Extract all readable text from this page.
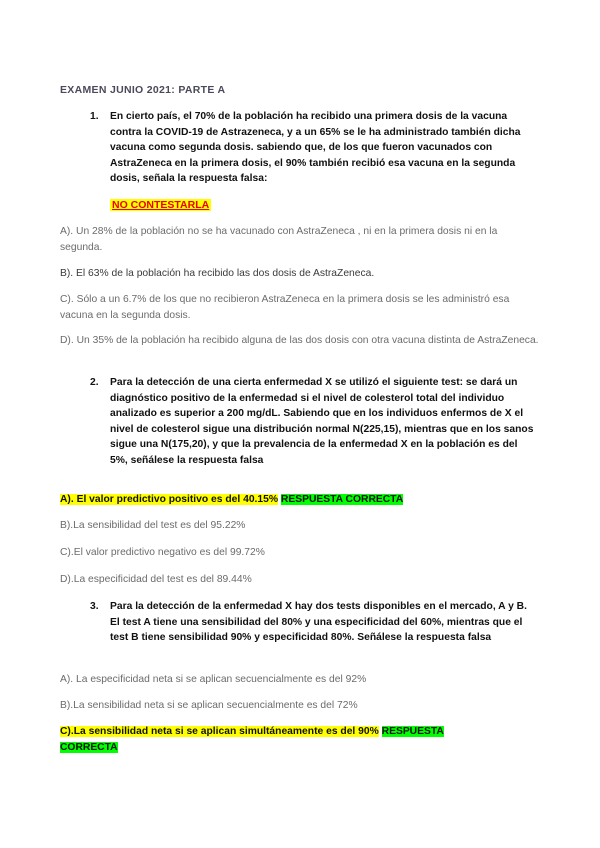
EXAMEN JUNIO 2021: PARTE A
1. En cierto país, el 70% de la población ha recibido una primera dosis de la vacuna contra la COVID-19 de Astrazeneca, y a un 65% se le ha administrado también dicha vacuna como segunda dosis. sabiendo que, de los que fueron vacunados con AstraZeneca en la primera dosis, el 90% también recibió esa vacuna en la segunda dosis, señala la respuesta falsa:
NO CONTESTARLA
A). Un 28% de la población no se ha vacunado con AstraZeneca , ni en la primera dosis ni en la segunda.
B). El 63% de la población ha recibido las dos dosis de AstraZeneca.
C). Sólo a un 6.7% de los que no recibieron AstraZeneca en la primera dosis se les administró esa vacuna en la segunda dosis.
D). Un 35% de la población ha recibido alguna de las dos dosis con otra vacuna distinta de AstraZeneca.
2. Para la detección de una cierta enfermedad X se utilizó el siguiente test: se dará un diagnóstico positivo de la enfermedad si el nivel de colesterol total del individuo analizado es superior a 200 mg/dL. Sabiendo que en los individuos enfermos de X el nivel de colesterol sigue una distribución normal N(225,15), mientras que en los sanos sigue una N(175,20), y que la prevalencia de la enfermedad X en la población es del 5%, señálese la respuesta falsa
A). El valor predictivo positivo es del 40.15% RESPUESTA CORRECTA
B).La sensibilidad del test es del 95.22%
C).El valor predictivo negativo es del 99.72%
D).La especificidad del test es del 89.44%
3. Para la detección de la enfermedad X hay dos tests disponibles en el mercado, A y B. El test A tiene una sensibilidad del 80% y una especificidad del 60%, mientras que el test B tiene sensibilidad 90% y especificidad 80%. Señálese la respuesta falsa
A). La especificidad neta si se aplican secuencialmente es del 92%
B).La sensibilidad neta si se aplican secuencialmente es del 72%
C).La sensibilidad neta si se aplican simultáneamente es del 90% RESPUESTA CORRECTA
